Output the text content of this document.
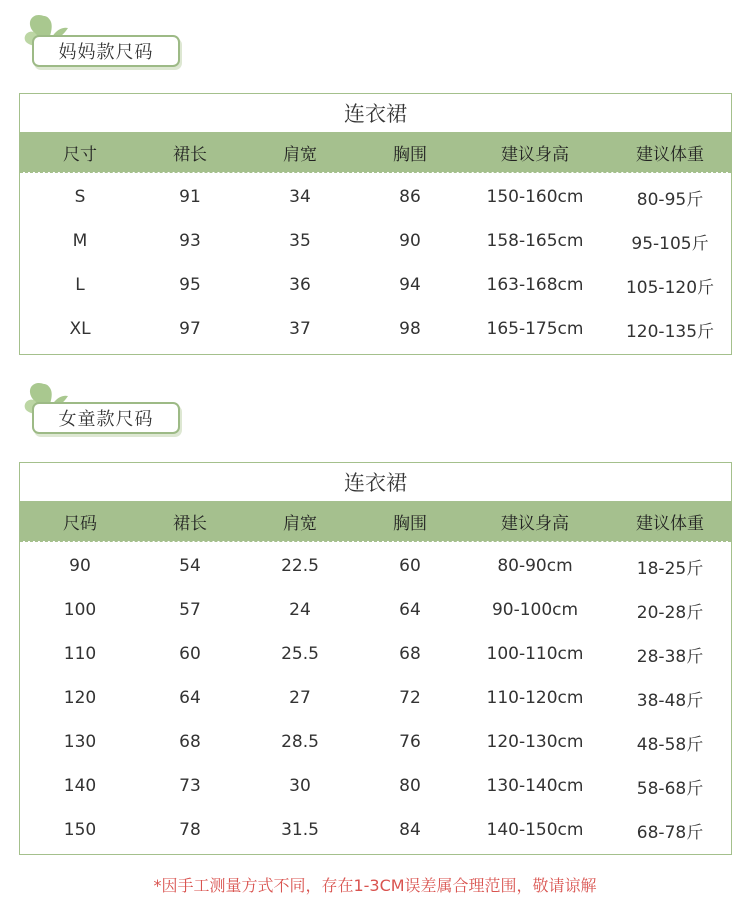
妈妈款尺码
连衣裙
尺寸	裙长	肩宽	胸围	建议身高	建议体重
S	91	34	86	150-160cm	80-95斤
M	93	35	90	158-165cm	95-105斤
L	95	36	94	163-168cm	105-120斤
XL	97	37	98	165-175cm	120-135斤
女童款尺码
连衣裙
尺码	裙长	肩宽	胸围	建议身高	建议体重
90	54	22.5	60	80-90cm	18-25斤
100	57	24	64	90-100cm	20-28斤
110	60	25.5	68	100-110cm	28-38斤
120	64	27	72	110-120cm	38-48斤
130	68	28.5	76	120-130cm	48-58斤
140	73	30	80	130-140cm	58-68斤
150	78	31.5	84	140-150cm	68-78斤
*因手工测量方式不同，存在1-3CM误差属合理范围，敬请谅解
